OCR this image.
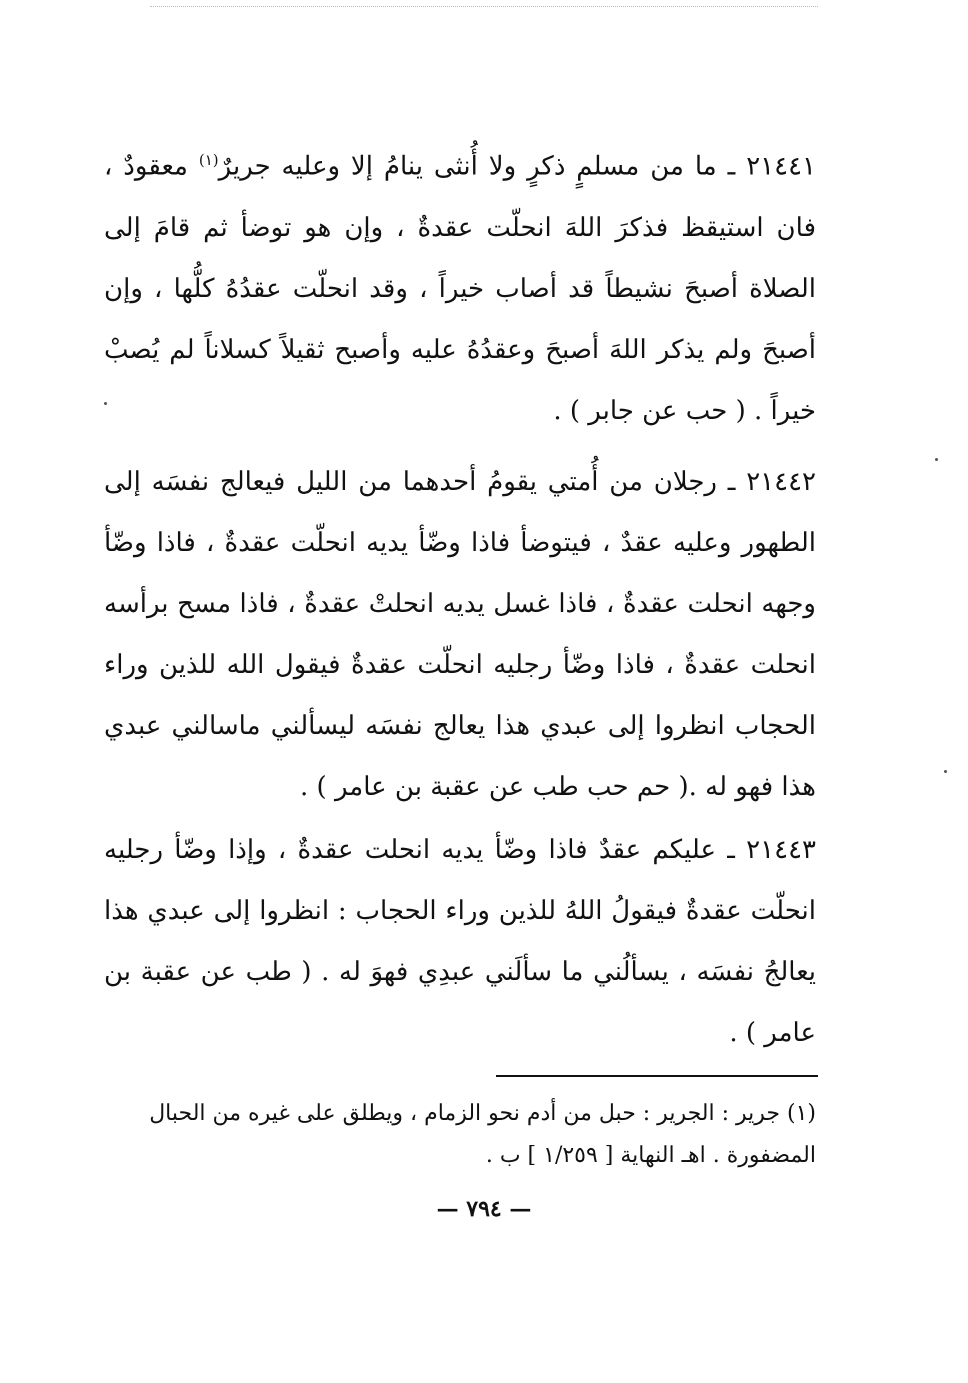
٢١٤٤١ ـ ما من مسلمٍ ذكرٍ ولا أُنثى ينامُ إلا وعليه جريرٌ$^{(١)}$ معقودٌ ، فان استيقظ فذكرَ اللهَ انحلّت عقدةٌ ، وإن هو توضأ ثم قامَ إلى الصلاة أصبحَ نشيطاً قد أصاب خيراً ، وقد انحلّت عقدُهُ كلُّها ، وإن أصبحَ ولم يذكر اللهَ أصبحَ وعقدُهُ عليه وأصبح ثقيلاً كسلاناً لم يُصبْ خيراً . ( حب عن جابر ) .
٢١٤٤٢ ـ رجلان من أُمتي يقومُ أحدهما من الليل فيعالج نفسَه إلى الطهور وعليه عقدٌ ، فيتوضأ فاذا وضّأ يديه انحلّت عقدةٌ ، فاذا وضّأ وجهه انحلت عقدةٌ ، فاذا غسل يديه انحلتْ عقدةٌ ، فاذا مسح برأسه انحلت عقدةٌ ، فاذا وضّأ رجليه انحلّت عقدةٌ فيقول الله للذين وراء الحجاب انظروا إلى عبدي هذا يعالج نفسَه ليسألني ماسالني عبدي هذا فهو له .( حم حب طب عن عقبة بن عامر ) .
٢١٤٤٣ ـ عليكم عقدٌ فاذا وضّأ يديه انحلت عقدةٌ ، وإذا وضّأ رجليه انحلّت عقدةٌ فيقولُ اللهُ للذين وراء الحجاب : انظروا إلى عبدي هذا يعالجُ نفسَه ، يسألُني ما سألَني عبدِي فهوَ له . ( طب عن عقبة بن عامر ) .
(١) جرير : الجرير : حبل من أدم نحو الزمام ، ويطلق على غيره من الحبال
المضفورة . اهـ النهاية [ ١/٢٥٩ ] ب .
— ٧٩٤ —
